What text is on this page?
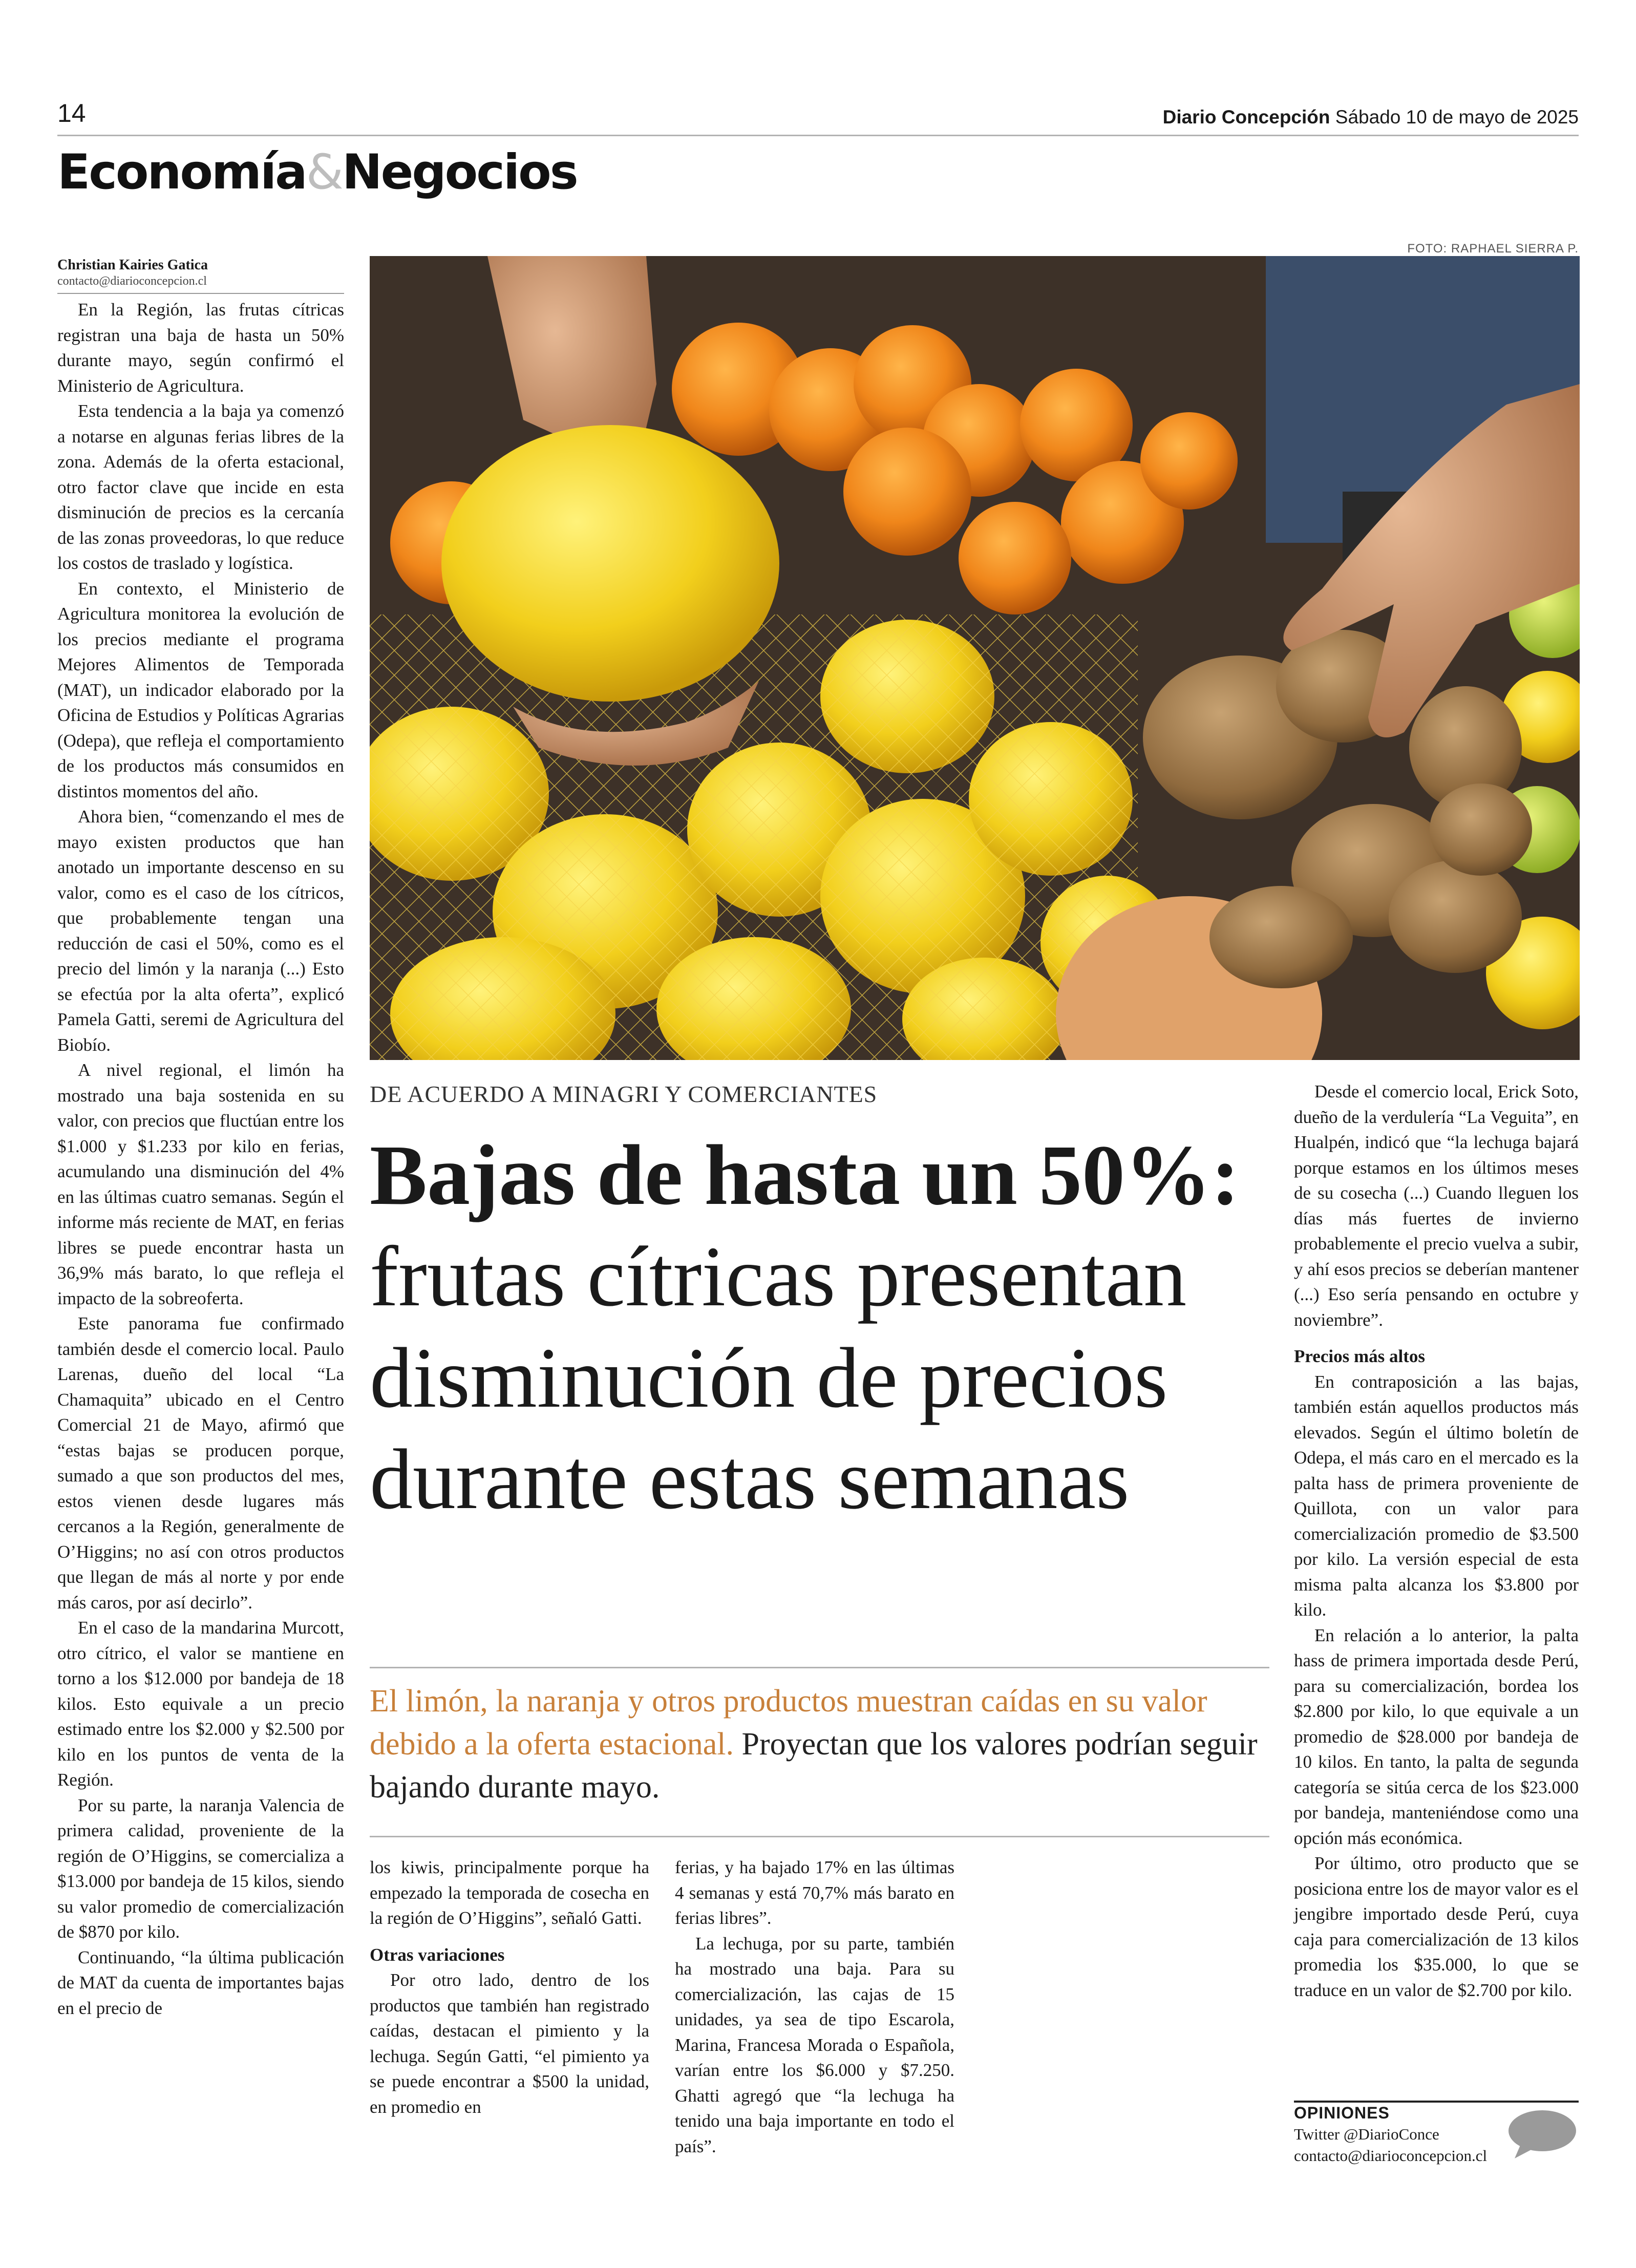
14	Diario Concepción Sábado 10 de mayo de 2025
Economía&Negocios
FOTO: RAPHAEL SIERRA P.
Christian Kairies Gatica
contacto@diarioconcepcion.cl

En la Región, las frutas cítricas registran una baja de hasta un 50% durante mayo, según confirmó el Ministerio de Agricultura.

Esta tendencia a la baja ya comenzó a notarse en algunas ferias libres de la zona. Además de la oferta estacional, otro factor clave que incide en esta disminución de precios es la cercanía de las zonas proveedoras, lo que reduce los costos de traslado y logística.

En contexto, el Ministerio de Agricultura monitorea la evolución de los precios mediante el programa Mejores Alimentos de Temporada (MAT), un indicador elaborado por la Oficina de Estudios y Políticas Agrarias (Odepa), que refleja el comportamiento de los productos más consumidos en distintos momentos del año.

Ahora bien, “comenzando el mes de mayo existen productos que han anotado un importante descenso en su valor, como es el caso de los cítricos, que probablemente tengan una reducción de casi el 50%, como es el precio del limón y la naranja (...) Esto se efectúa por la alta oferta”, explicó Pamela Gatti, seremi de Agricultura del Biobío.

A nivel regional, el limón ha mostrado una baja sostenida en su valor, con precios que fluctúan entre los $1.000 y $1.233 por kilo en ferias, acumulando una disminución del 4% en las últimas cuatro semanas. Según el informe más reciente de MAT, en ferias libres se puede encontrar hasta un 36,9% más barato, lo que refleja el impacto de la sobreoferta.

Este panorama fue confirmado también desde el comercio local. Paulo Larenas, dueño del local “La Chamaquita” ubicado en el Centro Comercial 21 de Mayo, afirmó que “estas bajas se producen porque, sumado a que son productos del mes, estos vienen desde lugares más cercanos a la Región, generalmente de O’Higgins; no así con otros productos que llegan de más al norte y por ende más caros, por así decirlo”.

En el caso de la mandarina Murcott, otro cítrico, el valor se mantiene en torno a los $12.000 por bandeja de 18 kilos. Esto equivale a un precio estimado entre los $2.000 y $2.500 por kilo en los puntos de venta de la Región.

Por su parte, la naranja Valencia de primera calidad, proveniente de la región de O’Higgins, se comercializa a $13.000 por bandeja de 15 kilos, siendo su valor promedio de comercialización de $870 por kilo.

Continuando, “la última publicación de MAT da cuenta de importantes bajas en el precio de

DE ACUERDO A MINAGRI Y COMERCIANTES
Bajas de hasta un 50%: frutas cítricas presentan disminución de precios durante estas semanas
El limón, la naranja y otros productos muestran caídas en su valor debido a la oferta estacional. Proyectan que los valores podrían seguir bajando durante mayo.

los kiwis, principalmente porque ha empezado la temporada de cosecha en la región de O’Higgins”, señaló Gatti.

Otras variaciones

Por otro lado, dentro de los productos que también han registrado caídas, destacan el pimiento y la lechuga. Según Gatti, “el pimiento ya se puede encontrar a $500 la unidad, en promedio en

ferias, y ha bajado 17% en las últimas 4 semanas y está 70,7% más barato en ferias libres”.

La lechuga, por su parte, también ha mostrado una baja. Para su comercialización, las cajas de 15 unidades, ya sea de tipo Escarola, Marina, Francesa Morada o Española, varían entre los $6.000 y $7.250. Ghatti agregó que “la lechuga ha tenido una baja importante en todo el país”.

Desde el comercio local, Erick Soto, dueño de la verdulería “La Veguita”, en Hualpén, indicó que “la lechuga bajará porque estamos en los últimos meses de su cosecha (...) Cuando lleguen los días más fuertes de invierno probablemente el precio vuelva a subir, y ahí esos precios se deberían mantener (...) Eso sería pensando en octubre y noviembre”.

Precios más altos

En contraposición a las bajas, también están aquellos productos más elevados. Según el último boletín de Odepa, el más caro en el mercado es la palta hass de primera proveniente de Quillota, con un valor para comercialización promedio de $3.500 por kilo. La versión especial de esta misma palta alcanza los $3.800 por kilo.

En relación a lo anterior, la palta hass de primera importada desde Perú, para su comercialización, bordea los $2.800 por kilo, lo que equivale a un promedio de $28.000 por bandeja de 10 kilos. En tanto, la palta de segunda categoría se sitúa cerca de los $23.000 por bandeja, manteniéndose como una opción más económica.

Por último, otro producto que se posiciona entre los de mayor valor es el jengibre importado desde Perú, cuya caja para comercialización de 13 kilos promedia los $35.000, lo que se traduce en un valor de $2.700 por kilo.

OPINIONES
Twitter @DiarioConce
contacto@diarioconcepcion.cl
